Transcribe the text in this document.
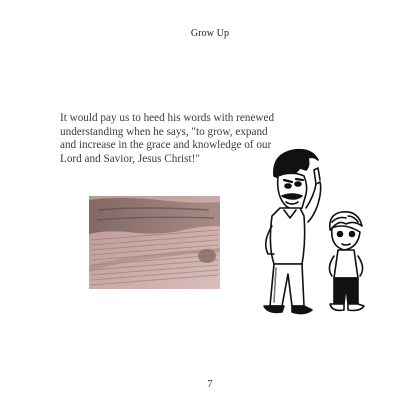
Grow Up
It would pay us to heed his words with renewed understanding when he says, "to grow, expand and increase in the grace and knowledge of our Lord and Savior, Jesus Christ!"
7
